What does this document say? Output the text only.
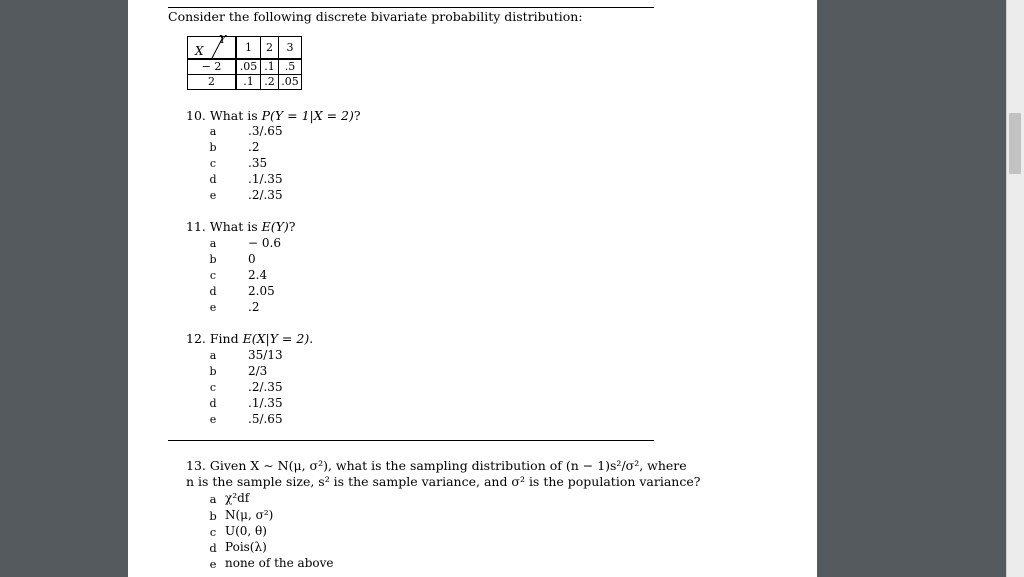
Consider the following discrete bivariate probability distribution:
X
Y	1	2	3
− 2	.05	.1	.5
2	.1	.2	.05
10. What is P(Y = 1|X = 2)?
a	.3/.65
b	.2
c	.35
d	.1/.35
e	.2/.35
11. What is E(Y)?
a	− 0.6
b	0
c	2.4
d	2.05
e	.2
12. Find E(X|Y = 2).
a	35/13
b	2/3
c	.2/.35
d	.1/.35
e	.5/.65
13. Given X ∼ N(μ, σ²), what is the sampling distribution of (n − 1)s²/σ², where
n is the sample size, s² is the sample variance, and σ² is the population variance?
a χ²df
b N(μ, σ²)
c U(0, θ)
d Pois(λ)
e none of the above
